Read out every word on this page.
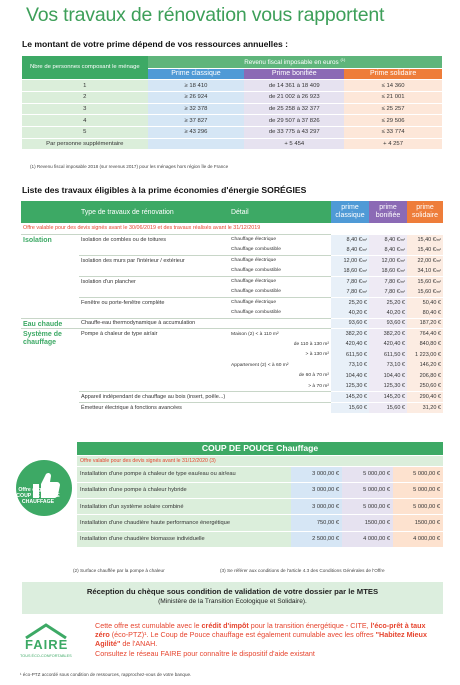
Vos travaux de rénovation vous rapportent
Le montant de votre prime dépend de vos ressources annuelles :
Nbre de personnes composant le ménage	Revenu fiscal imposable en euros $^{(1)}$
	Prime classique	Prime bonifiée	Prime solidaire
1	≥ 18 410	de 14 361 à 18 409	≤ 14 360
2	≥ 26 924	de 21 002 à 26 923	≤ 21 001
3	≥ 32 378	de 25 258 à 32 377	≤ 25 257
4	≥ 37 827	de 29 507 à 37 826	≤ 29 506
5	≥ 43 296	de 33 775 à 43 297	≤ 33 774
Par personne supplémentaire		+ 5 454	+ 4 257
(1) Revenu fiscal imposable 2018 (sur revenus 2017) pour les ménages hors région Île de France
Liste des travaux éligibles à la prime économies d'énergie SORÉGIES
	Type de travaux de rénovation	Détail	prime classique	prime bonifiée	prime solidaire
Offre valable pour des devis signés avant le 30/06/2019 et des travaux réalisés avant le 31/12/2019					
Isolation	Isolation de combles ou de toitures	Chauffage électrique	8,40 €/m²	8,40 €/m²	15,40 €/m²
		Chauffage combustible	8,40 €/m²	8,40 €/m²	15,40 €/m²
	Isolation des murs par l'intérieur / extérieur	Chauffage électrique	12,00 €/m²	12,00 €/m²	22,00 €/m²
		Chauffage combustible	18,60 €/m²	18,60 €/m²	34,10 €/m²
	Isolation d'un plancher	Chauffage électrique	7,80 €/m²	7,80 €/m²	15,60 €/m²
		Chauffage combustible	7,80 €/m²	7,80 €/m²	15,60 €/m²
	Fenêtre ou porte-fenêtre complète	Chauffage électrique	25,20 €	25,20 €	50,40 €
		Chauffage combustible	40,20 €	40,20 €	80,40 €
Eau chaude	Chauffe-eau thermodynamique à accumulation		93,60 €	93,60 €	187,20 €
Système de chauffage	Pompe à chaleur de type air/air	Maison (2) < à 110 m²	382,20 €	382,20 €	764,40 €
		de 110 à 130 m²	420,40 €	420,40 €	840,80 €
		> à 130 m²	611,50 €	611,50 €	1 223,00 €
		Appartement (2) < à 60 m²	73,10 €	73,10 €	146,20 €
		de 60 à 70 m²	104,40 €	104,40 €	206,80 €
		> à 70 m²	125,30 €	125,30 €	250,60 €
	Appareil indépendant de chauffage au bois (insert, poêle...)		145,20 €	145,20 €	290,40 €
	Émetteur électrique à fonctions avancées		15,60 €	15,60 €	31,20 €
Offre éligible au COUP DE POUCE CHAUFFAGE
COUP DE POUCE Chauffage			
Offre valable pour des devis signés avant le 31/12/2020 (3)			
Installation d'une pompe à chaleur de type eau/eau ou air/eau	3 000,00 €	5 000,00 €	5 000,00 €
Installation d'une pompe à chaleur hybride	3 000,00 €	5 000,00 €	5 000,00 €
Installation d'un système solaire combiné	3 000,00 €	5 000,00 €	5 000,00 €
Installation d'une chaudière haute performance énergétique	750,00 €	1500,00 €	1500,00 €
Installation d'une chaudière biomasse individuelle	2 500,00 €	4 000,00 €	4 000,00 €
(2) Surface chauffée par la pompe à chaleur	(3) Se référer aux conditions de l'article 4.3 des Conditions Générales de l'Offre
Réception du chèque sous condition de validation de votre dossier par le MTES
(Ministère de la Transition Ecologique et Solidaire).
FAIRE
TOUS ÉCO-CONFORTABLES
Cette offre est cumulable avec le crédit d'impôt pour la transition énergétique - CITE, l'éco-prêt à taux zéro (éco-PTZ)¹. Le Coup de Pouce chauffage est également cumulable avec les offres "Habitez Mieux Agilité" de l'ANAH.
Consultez le réseau FAIRE pour connaître le dispositif d'aide existant
¹ éco-PTZ accordé sous condition de ressources, rapprochez-vous de votre banque.
